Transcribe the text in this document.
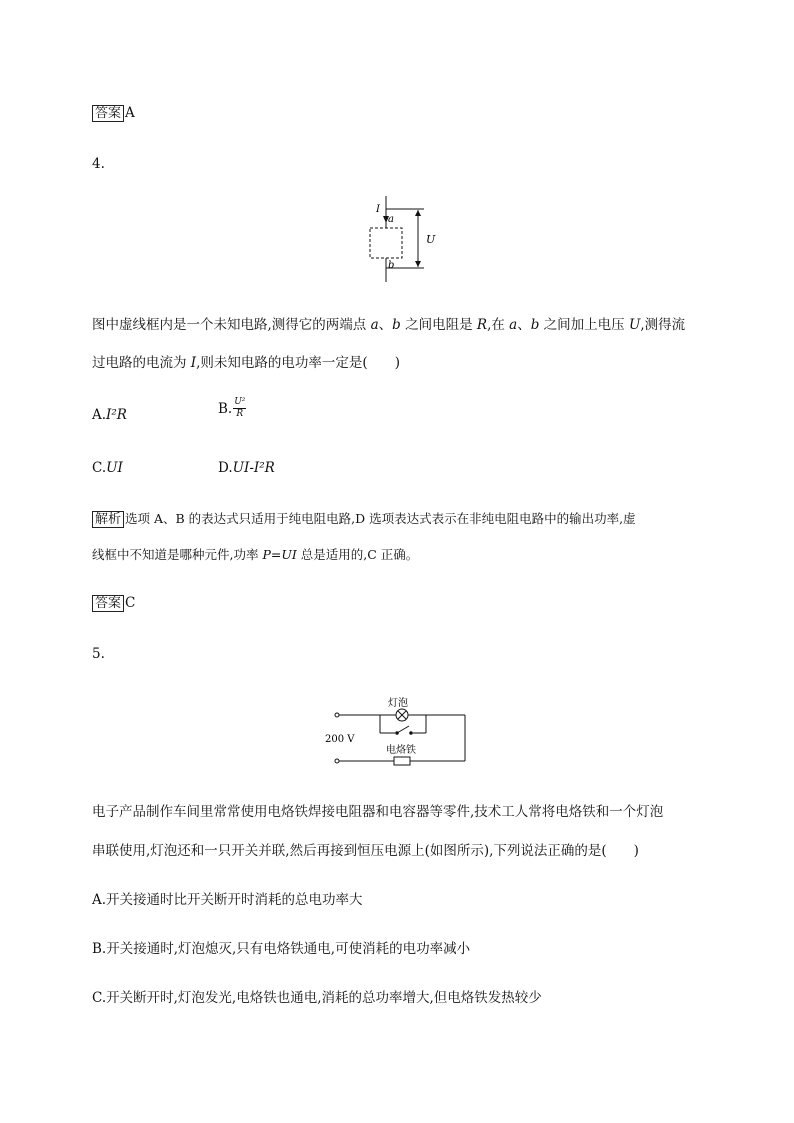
答案 A
4.
I
a
b
U
图中虚线框内是一个未知电路,测得它的两端点 a、b 之间电阻是 R,在 a、b 之间加上电压 U,测得流
过电路的电流为 I,则未知电路的电功率一定是(　　)
A.I²R	B. $\frac{\text{U²}}{R}$
C.UI	D.UI-I²R
解析 选项 A、B 的表达式只适用于纯电阻电路,D 选项表达式表示在非纯电阻电路中的输出功率,虚
线框中不知道是哪种元件,功率 P=UI 总是适用的,C 正确。
答案 C
5.
灯泡
200 V
电烙铁
电子产品制作车间里常常使用电烙铁焊接电阻器和电容器等零件,技术工人常将电烙铁和一个灯泡
串联使用,灯泡还和一只开关并联,然后再接到恒压电源上(如图所示),下列说法正确的是(　　)
A.开关接通时比开关断开时消耗的总电功率大
B.开关接通时,灯泡熄灭,只有电烙铁通电,可使消耗的电功率减小
C.开关断开时,灯泡发光,电烙铁也通电,消耗的总功率增大,但电烙铁发热较少
